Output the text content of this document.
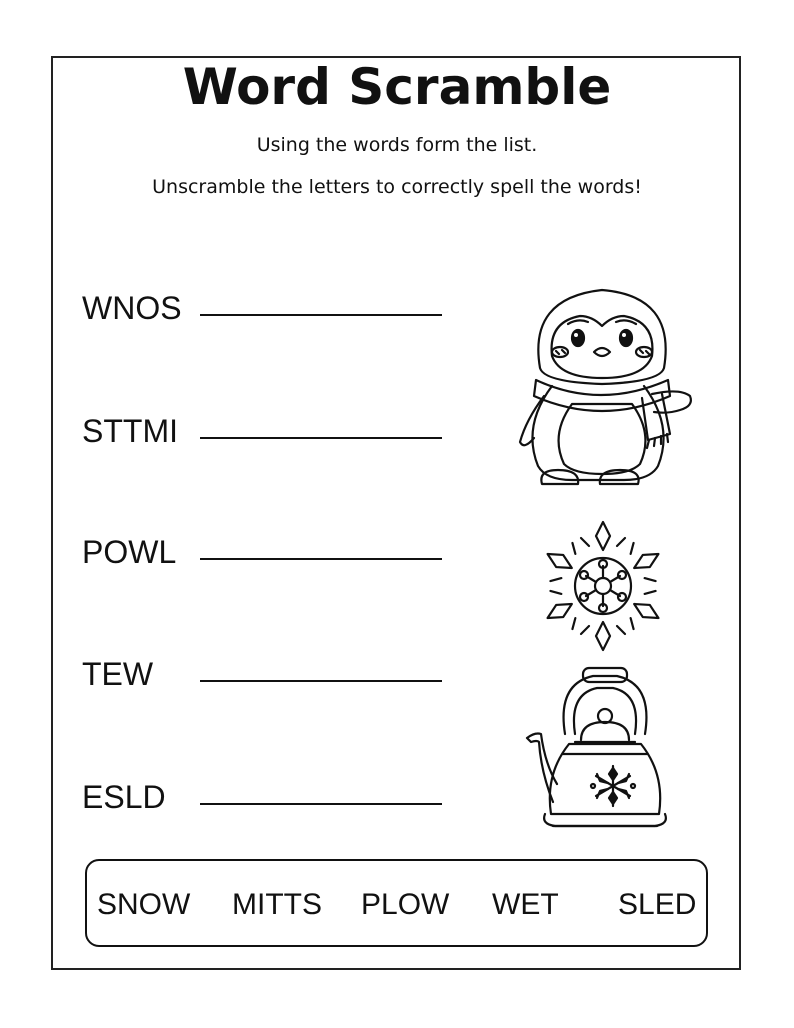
Word Scramble
Using the words form the list.
Unscramble the letters to correctly spell the words!
WNOS
STTMI
POWL
TEW
ESLD
SNOW MITTS PLOW WET SLED
